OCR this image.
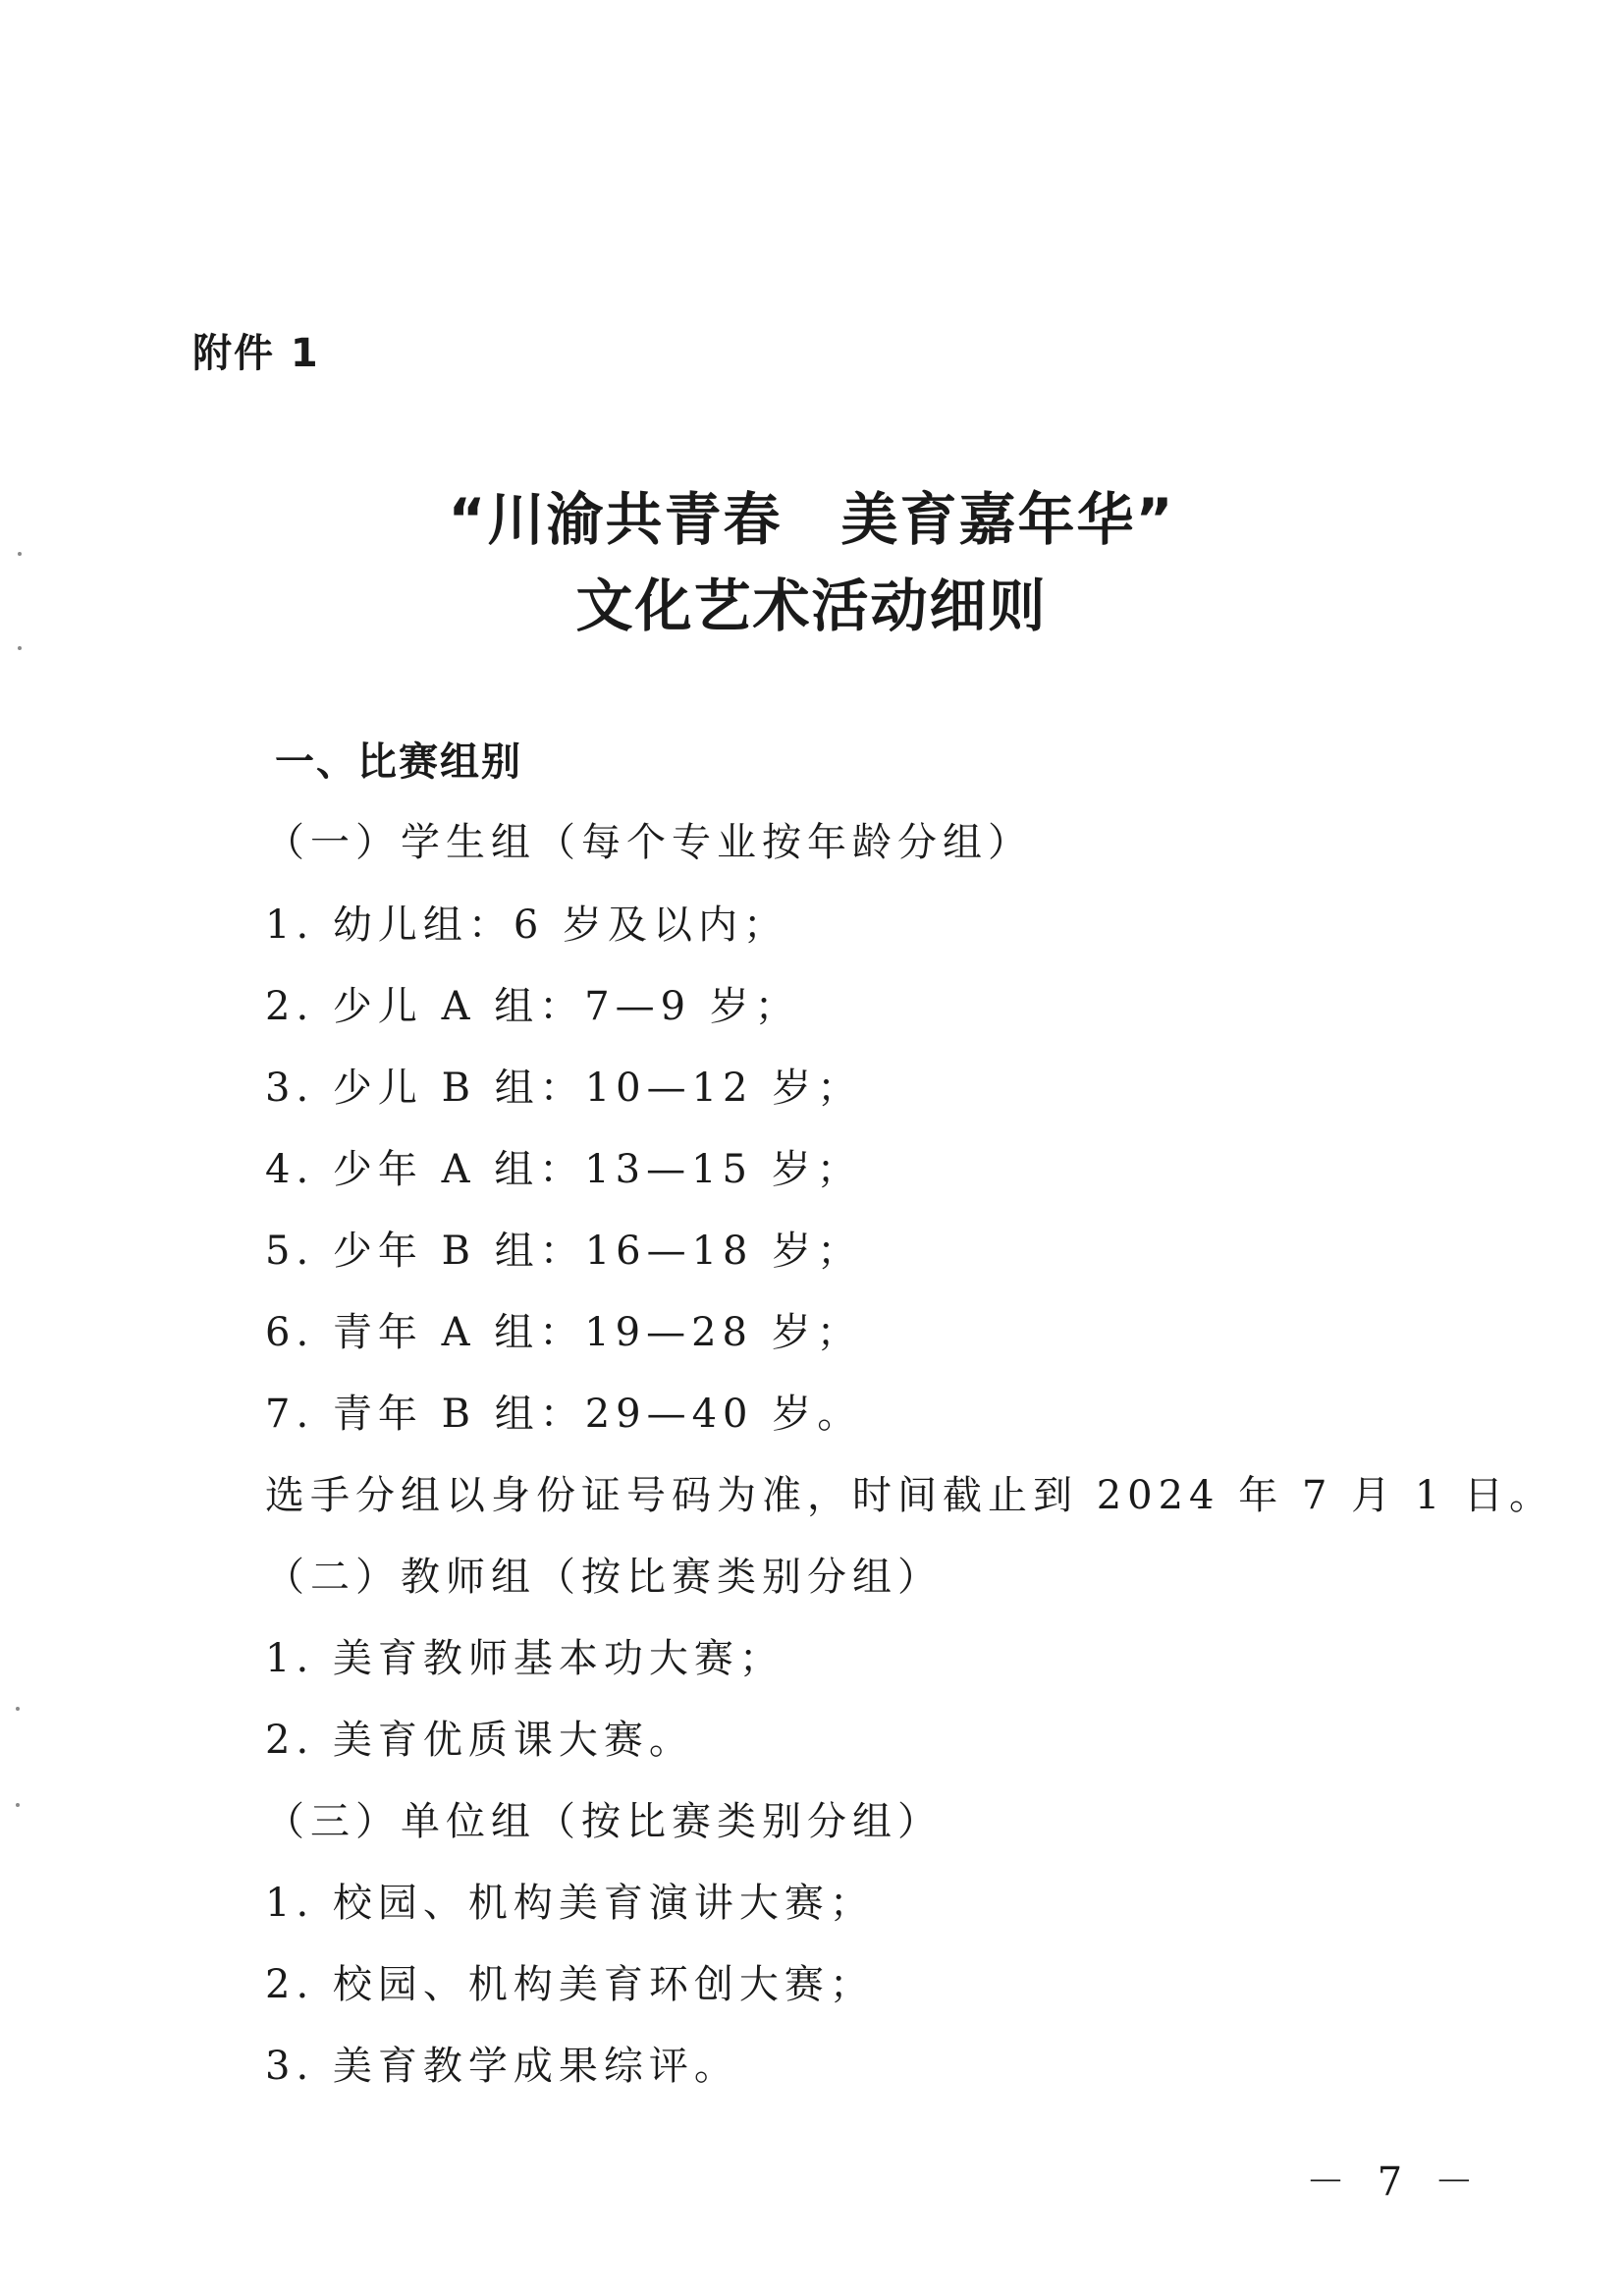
附件 1
“川渝共青春 美育嘉年华”
文化艺术活动细则
一、比赛组别
（一）学生组（每个专业按年龄分组）
1. 幼儿组：6 岁及以内；
2. 少儿 A 组：7—9 岁；
3. 少儿 B 组：10—12 岁；
4. 少年 A 组：13—15 岁；
5. 少年 B 组：16—18 岁；
6. 青年 A 组：19—28 岁；
7. 青年 B 组：29—40 岁。
选手分组以身份证号码为准，时间截止到 2024 年 7 月 1 日。
（二）教师组（按比赛类别分组）
1. 美育教师基本功大赛；
2. 美育优质课大赛。
（三）单位组（按比赛类别分组）
1. 校园、机构美育演讲大赛；
2. 校园、机构美育环创大赛；
3. 美育教学成果综评。
－ 7 －
